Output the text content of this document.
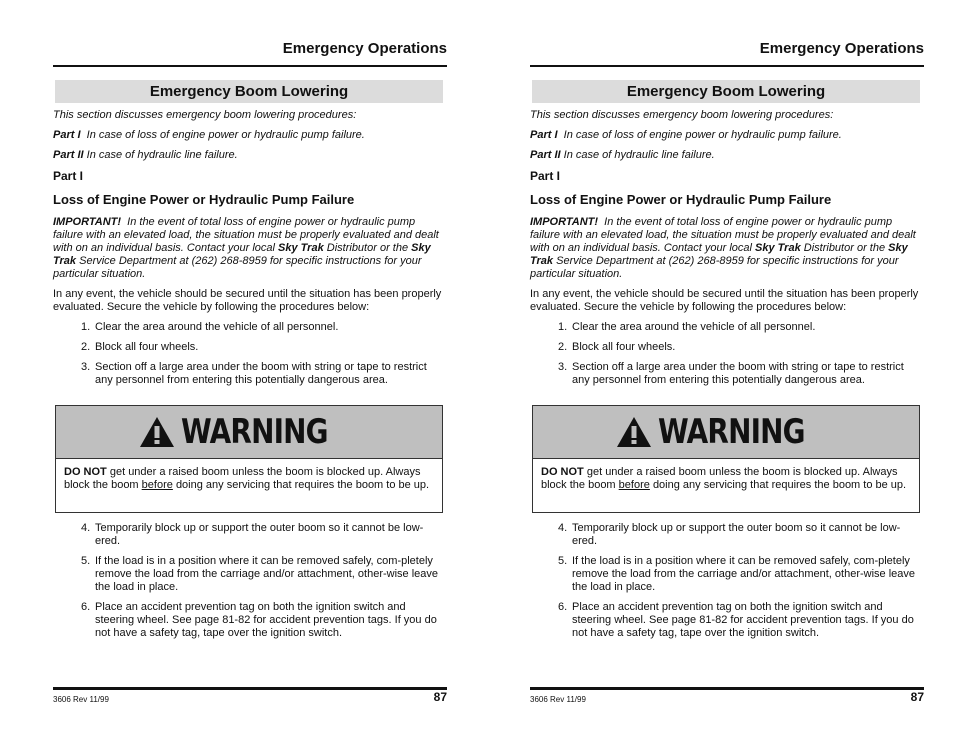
Emergency Operations
Emergency Boom Lowering

This section discusses emergency boom lowering procedures:

Part I In case of loss of engine power or hydraulic pump failure.

Part II In case of hydraulic line failure.

Part I
Loss of Engine Power or Hydraulic Pump Failure

IMPORTANT! In the event of total loss of engine power or hydraulic pump failure with an elevated load, the situation must be properly evaluated and dealt with on an individual basis. Contact your local Sky Trak Distributor or the Sky Trak Service Department at (262) 268-8959 for specific instructions for your particular situation.

In any event, the vehicle should be secured until the situation has been properly evaluated. Secure the vehicle by following the procedures below:

1. Clear the area around the vehicle of all personnel.
2. Block all four wheels.
3. Section off a large area under the boom with string or tape to restrict any personnel from entering this potentially dangerous area.
WARNING
DO NOT get under a raised boom unless the boom is blocked up. Always block the boom before doing any servicing that requires the boom to be up.
4. Temporarily block up or support the outer boom so it cannot be low-ered.
5. If the load is in a position where it can be removed safely, com-pletely remove the load from the carriage and/or attachment, other-wise leave the load in place.
6. Place an accident prevention tag on both the ignition switch and steering wheel. See page 81-82 for accident prevention tags. If you do not have a safety tag, tape over the ignition switch.
3606 Rev 11/99	87
Emergency Operations
Emergency Boom Lowering

This section discusses emergency boom lowering procedures:

Part I In case of loss of engine power or hydraulic pump failure.

Part II In case of hydraulic line failure.

Part I
Loss of Engine Power or Hydraulic Pump Failure

IMPORTANT! In the event of total loss of engine power or hydraulic pump failure with an elevated load, the situation must be properly evaluated and dealt with on an individual basis. Contact your local Sky Trak Distributor or the Sky Trak Service Department at (262) 268-8959 for specific instructions for your particular situation.

In any event, the vehicle should be secured until the situation has been properly evaluated. Secure the vehicle by following the procedures below:

1. Clear the area around the vehicle of all personnel.
2. Block all four wheels.
3. Section off a large area under the boom with string or tape to restrict any personnel from entering this potentially dangerous area.
WARNING
DO NOT get under a raised boom unless the boom is blocked up. Always block the boom before doing any servicing that requires the boom to be up.
4. Temporarily block up or support the outer boom so it cannot be low-ered.
5. If the load is in a position where it can be removed safely, com-pletely remove the load from the carriage and/or attachment, other-wise leave the load in place.
6. Place an accident prevention tag on both the ignition switch and steering wheel. See page 81-82 for accident prevention tags. If you do not have a safety tag, tape over the ignition switch.
3606 Rev 11/99	87
